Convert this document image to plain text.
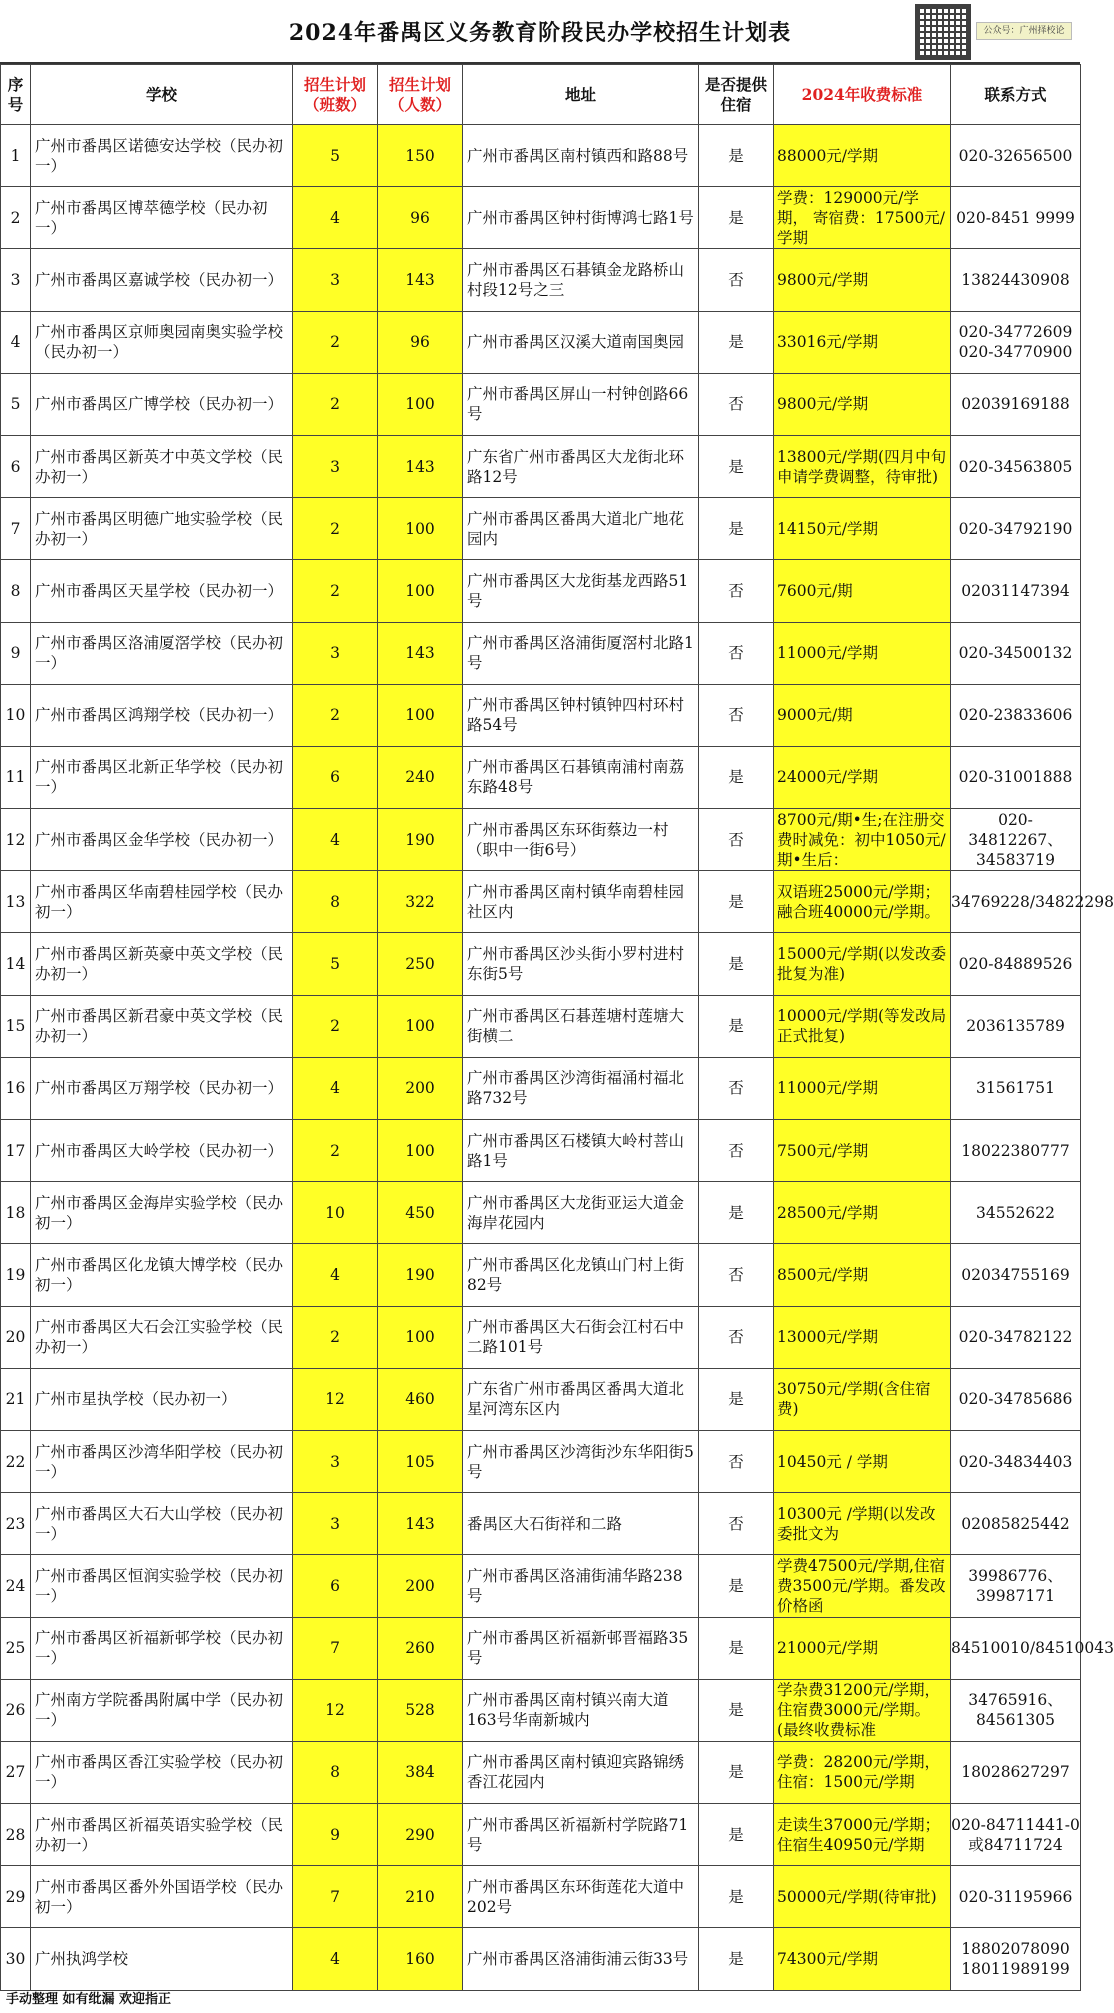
2024年番禺区义务教育阶段民办学校招生计划表	公众号：广州择校论
序号	学校	招生计划（班数）	招生计划（人数）	地址	是否提供住宿	2024年收费标准	联系方式

1	广州市番禺区诺德安达学校（民办初一）	5	150	广州市番禺区南村镇西和路88号	是	88000元/学期	020-32656500

2	广州市番禺区博萃德学校（民办初一）	4	96	广州市番禺区钟村街博鸿七路1号	是	学费：129000元/学期， 寄宿费：17500元/学期	020-8451 9999

3	广州市番禺区嘉诚学校（民办初一）	3	143	广州市番禺区石碁镇金龙路桥山村段12号之三	否	9800元/学期	13824430908

4	广州市番禺区京师奥园南奥实验学校（民办初一）	2	96	广州市番禺区汉溪大道南国奥园	是	33016元/学期	020-34772609 020-34770900

5	广州市番禺区广博学校（民办初一）	2	100	广州市番禺区屏山一村钟创路66号	否	9800元/学期	02039169188

6	广州市番禺区新英才中英文学校（民办初一）	3	143	广东省广州市番禺区大龙街北环路12号	是	13800元/学期(四月中旬申请学费调整，待审批)	020-34563805

7	广州市番禺区明德广地实验学校（民办初一）	2	100	广州市番禺区番禺大道北广地花园内	是	14150元/学期	020-34792190

8	广州市番禺区天星学校（民办初一）	2	100	广州市番禺区大龙街基龙西路51号	否	7600元/期	02031147394

9	广州市番禺区洛浦厦滘学校（民办初一）	3	143	广州市番禺区洛浦街厦滘村北路1号	否	11000元/学期	020-34500132

10	广州市番禺区鸿翔学校（民办初一）	2	100	广州市番禺区钟村镇钟四村环村路54号	否	9000元/期	020-23833606

11	广州市番禺区北新正华学校（民办初一）	6	240	广州市番禺区石碁镇南浦村南荔东路48号	是	24000元/学期	020-31001888

12	广州市番禺区金华学校（民办初一）	4	190	广州市番禺区东环街蔡边一村（职中一街6号）	否	8700元/期•生;在注册交费时减免：初中1050元/期•生后：	020-34812267、34583719

13	广州市番禺区华南碧桂园学校（民办初一）	8	322	广州市番禺区南村镇华南碧桂园社区内	是	双语班25000元/学期；融合班40000元/学期。	34769228/34822298

14	广州市番禺区新英豪中英文学校（民办初一）	5	250	广州市番禺区沙头街小罗村进村东街5号	是	15000元/学期(以发改委批复为准)	020-84889526

15	广州市番禺区新君豪中英文学校（民办初一）	2	100	广州市番禺区石碁莲塘村莲塘大街横二	是	10000元/学期(等发改局正式批复)	2036135789

16	广州市番禺区万翔学校（民办初一）	4	200	广州市番禺区沙湾街福涌村福北路732号	否	11000元/学期	31561751

17	广州市番禺区大岭学校（民办初一）	2	100	广州市番禺区石楼镇大岭村菩山路1号	否	7500元/学期	18022380777

18	广州市番禺区金海岸实验学校（民办初一）	10	450	广州市番禺区大龙街亚运大道金海岸花园内	是	28500元/学期	34552622

19	广州市番禺区化龙镇大博学校（民办初一）	4	190	广州市番禺区化龙镇山门村上街82号	否	8500元/学期	02034755169

20	广州市番禺区大石会江实验学校（民办初一）	2	100	广州市番禺区大石街会江村石中二路101号	否	13000元/学期	020-34782122

21	广州市星执学校（民办初一）	12	460	广东省广州市番禺区番禺大道北星河湾东区内	是	30750元/学期(含住宿费)	020-34785686

22	广州市番禺区沙湾华阳学校（民办初一）	3	105	广州市番禺区沙湾街沙东华阳街5号	否	10450元 / 学期	020-34834403

23	广州市番禺区大石大山学校（民办初一）	3	143	番禺区大石街祥和二路	否	10300元 /学期(以发改委批文为	02085825442

24	广州市番禺区恒润实验学校（民办初一）	6	200	广州市番禺区洛浦街浦华路238号	是	学费47500元/学期,住宿费3500元/学期。番发改价格函	39986776、39987171

25	广州市番禺区祈福新邨学校（民办初一）	7	260	广州市番禺区祈福新邨晋福路35号	是	21000元/学期	84510010/84510043

26	广州南方学院番禺附属中学（民办初一）	12	528	广州市番禺区南村镇兴南大道163号华南新城内	是	学杂费31200元/学期，住宿费3000元/学期。(最终收费标准	34765916、84561305

27	广州市番禺区香江实验学校（民办初一）	8	384	广州市番禺区南村镇迎宾路锦绣香江花园内	是	学费：28200元/学期，住宿：1500元/学期	18028627297

28	广州市番禺区祈福英语实验学校（民办初一）	9	290	广州市番禺区祈福新村学院路71号	是	走读生37000元/学期；住宿生40950元/学期	020-84711441-0或84711724

29	广州市番禺区番外外国语学校（民办初一）	7	210	广州市番禺区东环街莲花大道中202号	是	50000元/学期(待审批)	020-31195966

30	广州执鸿学校	4	160	广州市番禺区洛浦街浦云街33号	是	74300元/学期	18802078090 18011989199
手动整理 如有纰漏 欢迎指正
